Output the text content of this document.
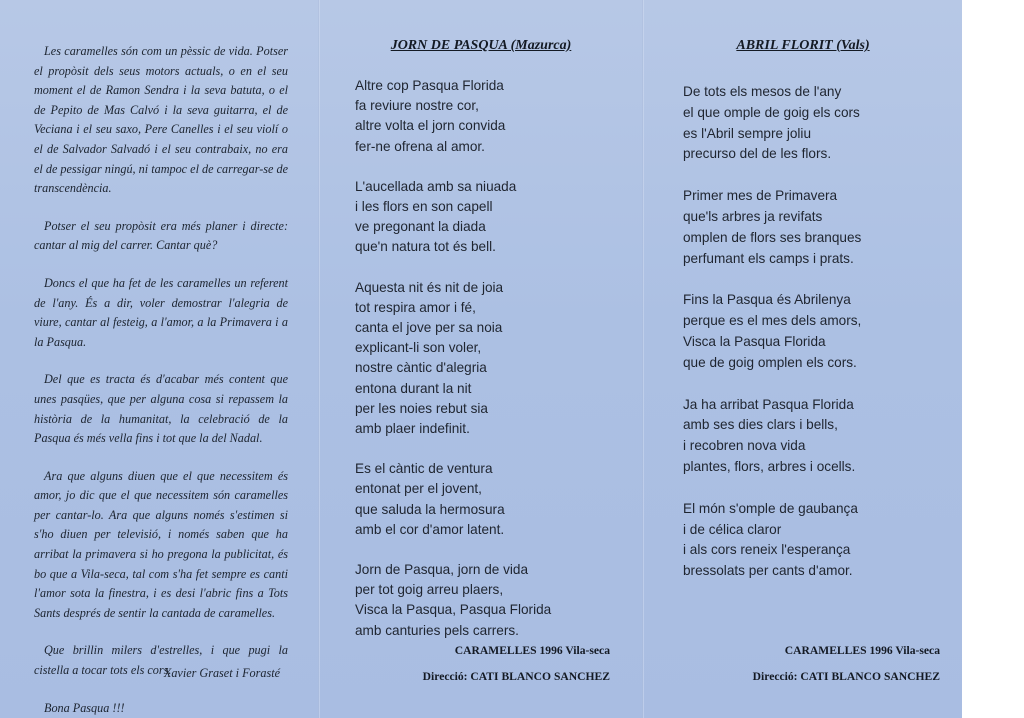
Les caramelles són com un pèssic de vida. Potser el propòsit dels seus motors actuals, o en el seu moment el de Ramon Sendra i la seva batuta, o el de Pepito de Mas Calvó i la seva guitarra, el de Veciana i el seu saxo, Pere Canelles i el seu violí o el de Salvador Salvadó i el seu contrabaix, no era el de pessigar ningú, ni tampoc el de carregar-se de transcendència.

Potser el seu propòsit era més planer i directe: cantar al mig del carrer. Cantar què?

Doncs el que ha fet de les caramelles un referent de l'any. És a dir, voler demostrar l'alegria de viure, cantar al festeig, a l'amor, a la Primavera i a la Pasqua.

Del que es tracta és d'acabar més content que unes pasqües, que per alguna cosa si repassem la història de la humanitat, la celebració de la Pasqua és més vella fins i tot que la del Nadal.

Ara que alguns diuen que el que necessitem és amor, jo dic que el que necessitem són caramelles per cantar-lo. Ara que alguns només s'estimen si s'ho diuen per televisió, i només saben que ha arribat la primavera si ho pregona la publicitat, és bo que a Vila-seca, tal com s'ha fet sempre es canti l'amor sota la finestra, i es desi l'abric fins a Tots Sants després de sentir la cantada de caramelles.

Que brillin milers d'estrelles, i que pugi la cistella a tocar tots els cors.

Bona Pasqua !!!

Xavier Graset i Forasté
JORN DE PASQUA (Mazurca)
Altre cop Pasqua Florida
fa reviure nostre cor,
altre volta el jorn convida
fer-ne ofrena al amor.
L'aucellada amb sa niuada
i les flors en son capell
ve pregonant la diada
que'n natura tot és bell.
Aquesta nit és nit de joia
tot respira amor i fé,
canta el jove per sa noia
explicant-li son voler,
nostre càntic d'alegria
entona durant la nit
per les noies rebut sia
amb plaer indefinit.
Es el càntic de ventura
entonat per el jovent,
que saluda la hermosura
amb el cor d'amor latent.
Jorn de Pasqua, jorn de vida
per tot goig arreu plaers,
Visca la Pasqua, Pasqua Florida
amb canturies pels carrers.
CARAMELLES 1996 Vila-seca
Direcció: CATI BLANCO SANCHEZ
ABRIL FLORIT (Vals)
De tots els mesos de l'any
el que omple de goig els cors
es l'Abril sempre joliu
precurso del de les flors.
Primer mes de Primavera
que'ls arbres ja revifats
omplen de flors ses branques
perfumant els camps i prats.
Fins la Pasqua és Abrilenya
perque es el mes dels amors,
Visca la Pasqua Florida
que de goig omplen els cors.
Ja ha arribat Pasqua Florida
amb ses dies clars i bells,
i recobren nova vida
plantes, flors, arbres i ocells.
El món s'omple de gaubança
i de célica claror
i als cors reneix l'esperança
bressolats per cants d'amor.
CARAMELLES 1996 Vila-seca
Direcció: CATI BLANCO SANCHEZ
